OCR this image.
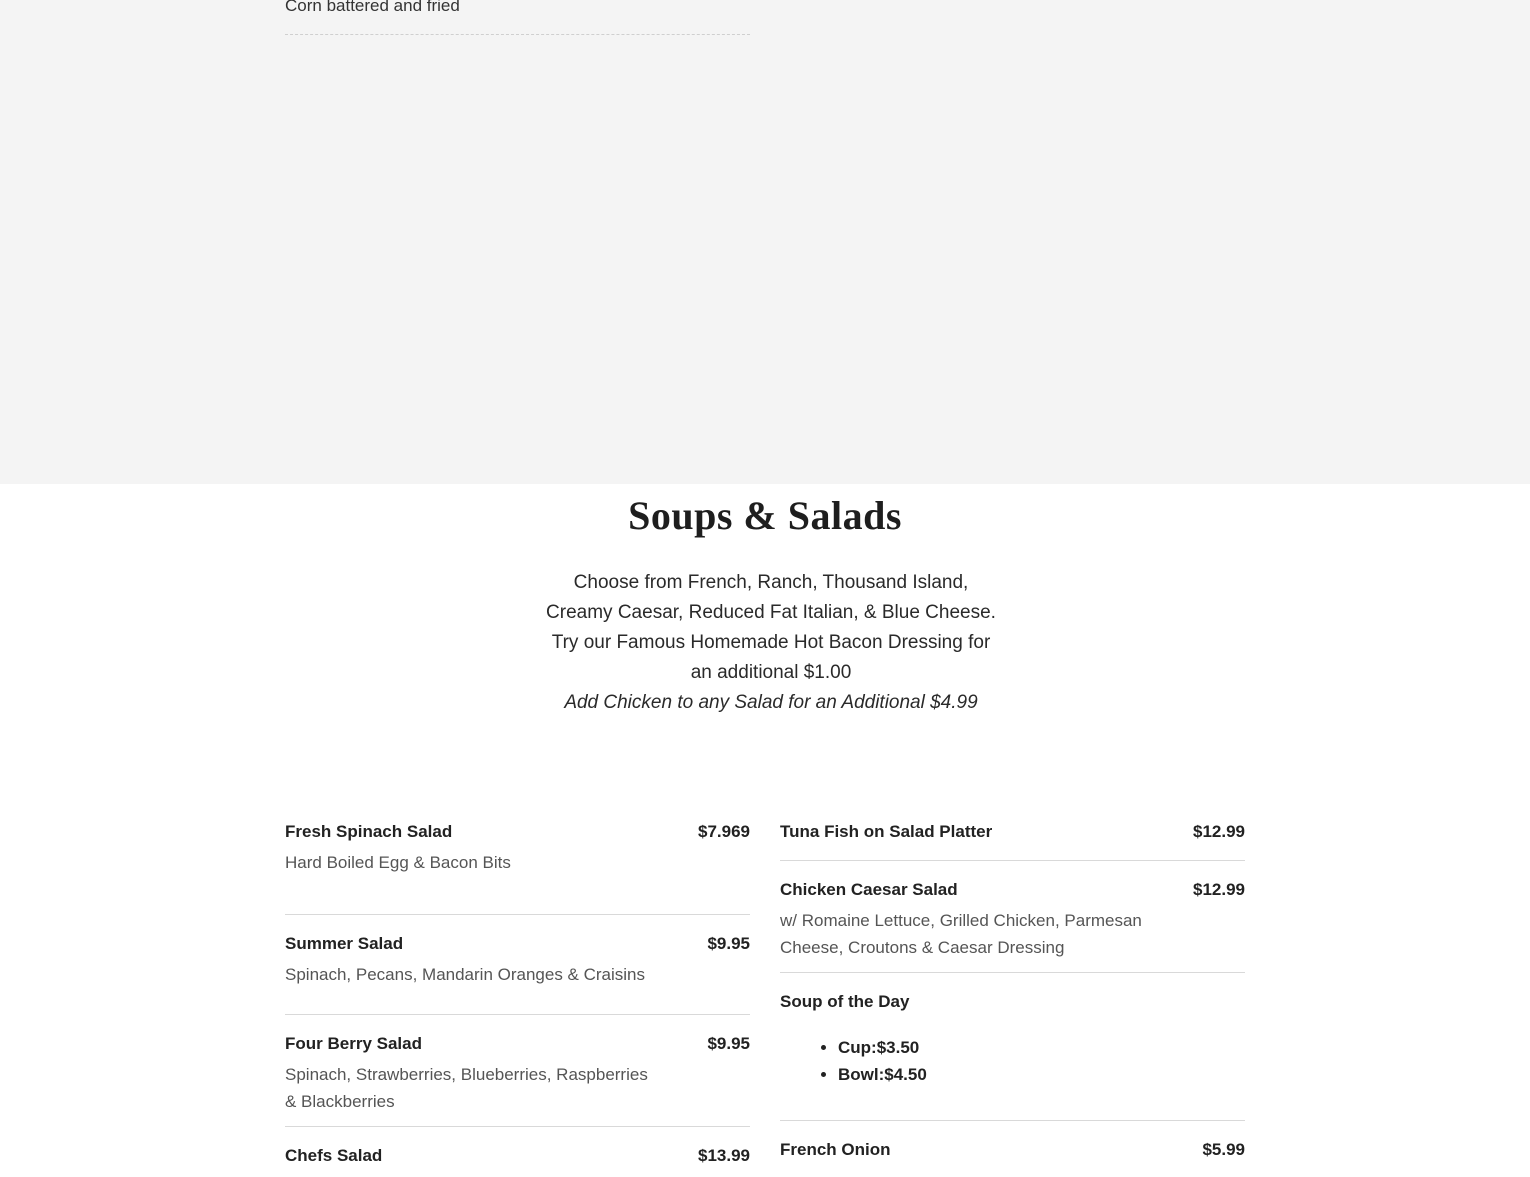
Corn battered and fried
Soups & Salads
Choose from French, Ranch, Thousand Island, Creamy Caesar, Reduced Fat Italian, & Blue Cheese. Try our Famous Homemade Hot Bacon Dressing for an additional $1.00
Add Chicken to any Salad for an Additional $4.99
Fresh Spinach Salad	$7.969
Hard Boiled Egg & Bacon Bits
Summer Salad	$9.95
Spinach, Pecans, Mandarin Oranges & Craisins
Four Berry Salad	$9.95
Spinach, Strawberries, Blueberries, Raspberries & Blackberries
Chefs Salad	$13.99
Tuna Fish on Salad Platter	$12.99
Chicken Caesar Salad	$12.99
w/ Romaine Lettuce, Grilled Chicken, Parmesan
Cheese, Croutons & Caesar Dressing
Soup of the Day
• Cup:$3.50
• Bowl:$4.50
French Onion	$5.99
